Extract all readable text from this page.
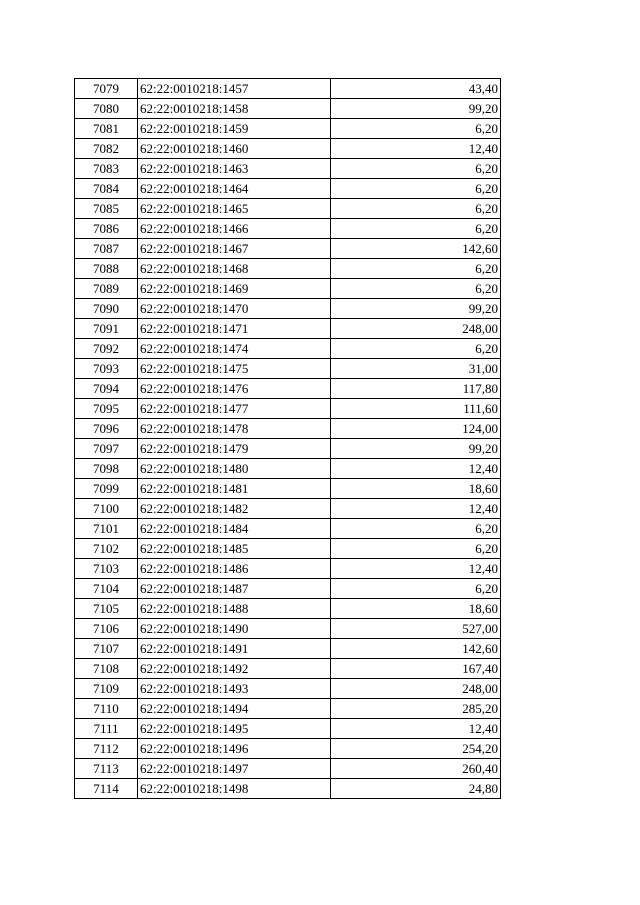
7079	62:22:0010218:1457	43,40
7080	62:22:0010218:1458	99,20
7081	62:22:0010218:1459	6,20
7082	62:22:0010218:1460	12,40
7083	62:22:0010218:1463	6,20
7084	62:22:0010218:1464	6,20
7085	62:22:0010218:1465	6,20
7086	62:22:0010218:1466	6,20
7087	62:22:0010218:1467	142,60
7088	62:22:0010218:1468	6,20
7089	62:22:0010218:1469	6,20
7090	62:22:0010218:1470	99,20
7091	62:22:0010218:1471	248,00
7092	62:22:0010218:1474	6,20
7093	62:22:0010218:1475	31,00
7094	62:22:0010218:1476	117,80
7095	62:22:0010218:1477	111,60
7096	62:22:0010218:1478	124,00
7097	62:22:0010218:1479	99,20
7098	62:22:0010218:1480	12,40
7099	62:22:0010218:1481	18,60
7100	62:22:0010218:1482	12,40
7101	62:22:0010218:1484	6,20
7102	62:22:0010218:1485	6,20
7103	62:22:0010218:1486	12,40
7104	62:22:0010218:1487	6,20
7105	62:22:0010218:1488	18,60
7106	62:22:0010218:1490	527,00
7107	62:22:0010218:1491	142,60
7108	62:22:0010218:1492	167,40
7109	62:22:0010218:1493	248,00
7110	62:22:0010218:1494	285,20
7111	62:22:0010218:1495	12,40
7112	62:22:0010218:1496	254,20
7113	62:22:0010218:1497	260,40
7114	62:22:0010218:1498	24,80
